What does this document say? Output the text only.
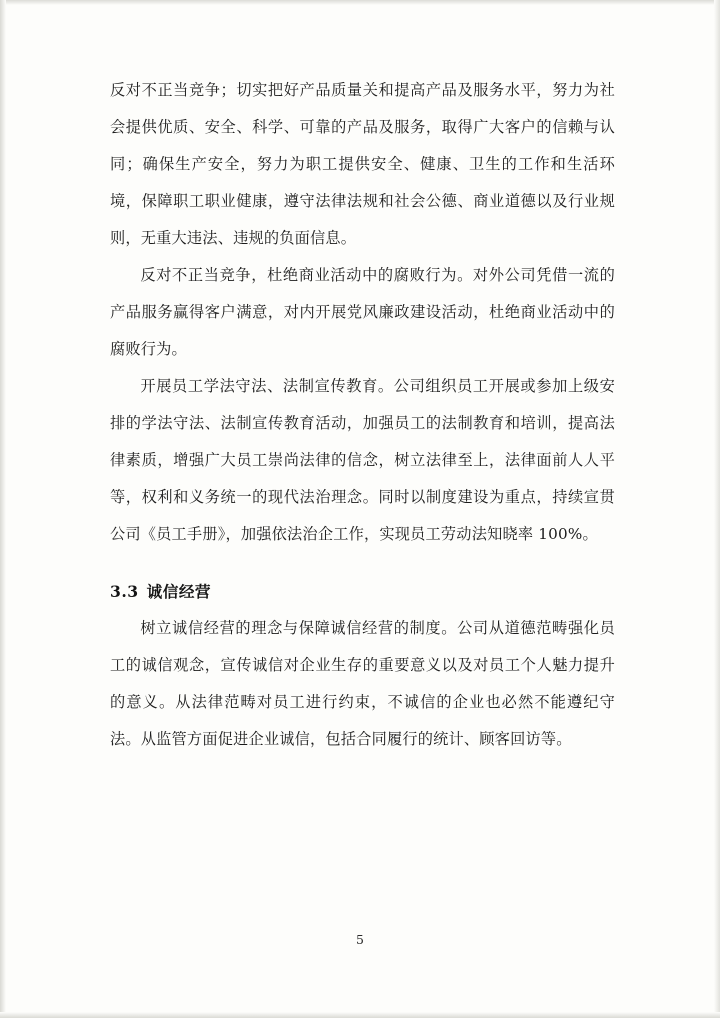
反对不正当竞争；切实把好产品质量关和提高产品及服务水平，努力为社会提供优质、安全、科学、可靠的产品及服务，取得广大客户的信赖与认同；确保生产安全，努力为职工提供安全、健康、卫生的工作和生活环境，保障职工职业健康，遵守法律法规和社会公德、商业道德以及行业规则，无重大违法、违规的负面信息。

反对不正当竞争，杜绝商业活动中的腐败行为。对外公司凭借一流的产品服务赢得客户满意，对内开展党风廉政建设活动，杜绝商业活动中的腐败行为。

开展员工学法守法、法制宣传教育。公司组织员工开展或参加上级安排的学法守法、法制宣传教育活动，加强员工的法制教育和培训，提高法律素质，增强广大员工崇尚法律的信念，树立法律至上，法律面前人人平等，权利和义务统一的现代法治理念。同时以制度建设为重点，持续宣贯公司《员工手册》，加强依法治企工作，实现员工劳动法知晓率 100%。

3.3 诚信经营

树立诚信经营的理念与保障诚信经营的制度。公司从道德范畴强化员工的诚信观念，宣传诚信对企业生存的重要意义以及对员工个人魅力提升的意义。从法律范畴对员工进行约束，不诚信的企业也必然不能遵纪守法。从监管方面促进企业诚信，包括合同履行的统计、顾客回访等。

5
